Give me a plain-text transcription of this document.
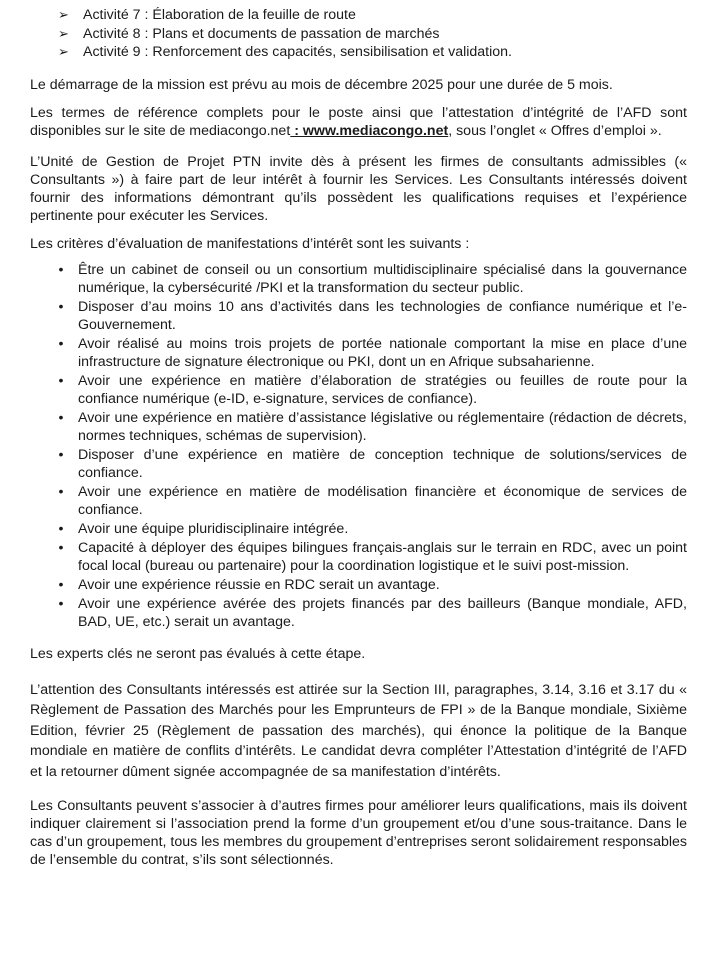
➢ Activité 7 : Élaboration de la feuille de route
➢ Activité 8 : Plans et documents de passation de marchés
➢ Activité 9 : Renforcement des capacités, sensibilisation et validation.

Le démarrage de la mission est prévu au mois de décembre 2025 pour une durée de 5 mois.

Les termes de référence complets pour le poste ainsi que l’attestation d’intégrité de l’AFD sont disponibles sur le site de mediacongo.net : www.mediacongo.net, sous l’onglet « Offres d’emploi ».

L’Unité de Gestion de Projet PTN invite dès à présent les firmes de consultants admissibles (« Consultants ») à faire part de leur intérêt à fournir les Services. Les Consultants intéressés doivent fournir des informations démontrant qu’ils possèdent les qualifications requises et l’expérience pertinente pour exécuter les Services.

Les critères d’évaluation de manifestations d’intérêt sont les suivants :

•	Être un cabinet de conseil ou un consortium multidisciplinaire spécialisé dans la gouvernance numérique, la cybersécurité /PKI et la transformation du secteur public.
•	Disposer d’au moins 10 ans d’activités dans les technologies de confiance numérique et l’e-Gouvernement.
•	Avoir réalisé au moins trois projets de portée nationale comportant la mise en place d’une infrastructure de signature électronique ou PKI, dont un en Afrique subsaharienne.
•	Avoir une expérience en matière d’élaboration de stratégies ou feuilles de route pour la confiance numérique (e-ID, e-signature, services de confiance).
•	Avoir une expérience en matière d’assistance législative ou réglementaire (rédaction de décrets, normes techniques, schémas de supervision).
•	Disposer d’une expérience en matière de conception technique de solutions/services de confiance.
•	Avoir une expérience en matière de modélisation financière et économique de services de confiance.
•	Avoir une équipe pluridisciplinaire intégrée.
•	Capacité à déployer des équipes bilingues français-anglais sur le terrain en RDC, avec un point focal local (bureau ou partenaire) pour la coordination logistique et le suivi post-mission.
•	Avoir une expérience réussie en RDC serait un avantage.
•	Avoir une expérience avérée des projets financés par des bailleurs (Banque mondiale, AFD, BAD, UE, etc.) serait un avantage.

Les experts clés ne seront pas évalués à cette étape.

L’attention des Consultants intéressés est attirée sur la Section III, paragraphes, 3.14, 3.16 et 3.17 du « Règlement de Passation des Marchés pour les Emprunteurs de FPI » de la Banque mondiale, Sixième Edition, février 25 (Règlement de passation des marchés), qui énonce la politique de la Banque mondiale en matière de conflits d’intérêts. Le candidat devra compléter l’Attestation d’intégrité de l’AFD et la retourner dûment signée accompagnée de sa manifestation d’intérêts.

Les Consultants peuvent s’associer à d’autres firmes pour améliorer leurs qualifications, mais ils doivent indiquer clairement si l’association prend la forme d’un groupement et/ou d’une sous-traitance. Dans le cas d’un groupement, tous les membres du groupement d’entreprises seront solidairement responsables de l’ensemble du contrat, s’ils sont sélectionnés.
